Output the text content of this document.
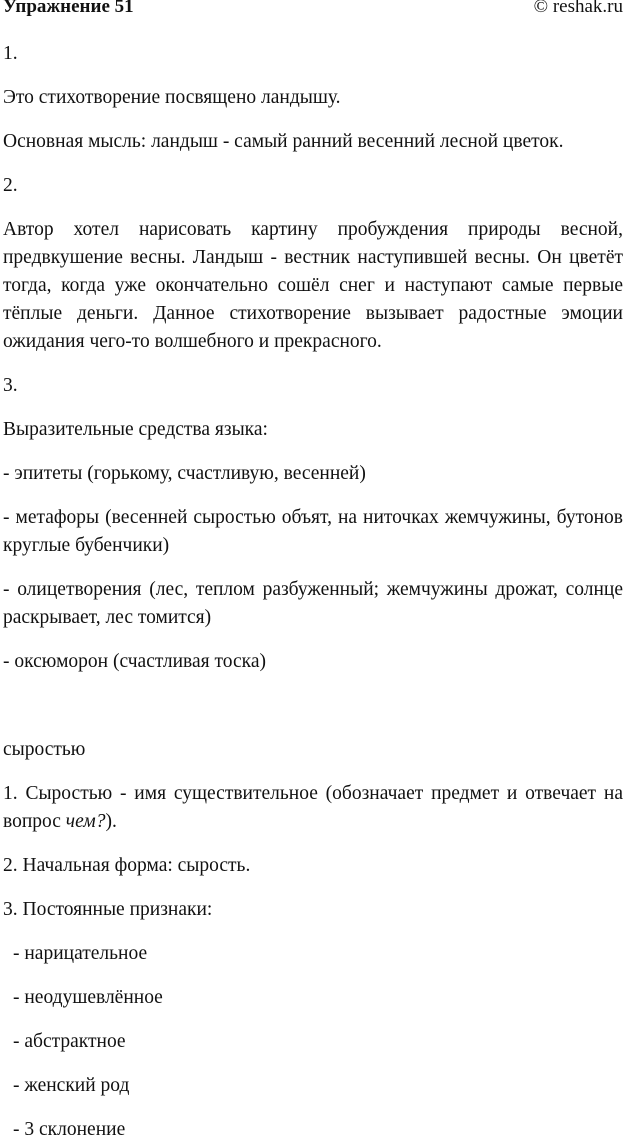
Упражнение 51	© reshak.ru

1.

Это стихотворение посвящено ландышу.

Основная мысль: ландыш - самый ранний весенний лесной цветок.

2.

Автор хотел нарисовать картину пробуждения природы весной, предвкушение весны. Ландыш - вестник наступившей весны. Он цветёт тогда, когда уже окончательно сошёл снег и наступают самые первые тёплые деньги. Данное стихотворение вызывает радостные эмоции ожидания чего-то волшебного и прекрасного.

3.

Выразительные средства языка:

- эпитеты (горькому, счастливую, весенней)

- метафоры (весенней сыростью объят, на ниточках жемчужины, бутонов круглые бубенчики)

- олицетворения (лес, теплом разбуженный; жемчужины дрожат, солнце раскрывает, лес томится)

- оксюморон (счастливая тоска)

сыростью

1. Сыростью - имя существительное (обозначает предмет и отвечает на вопрос чем?).

2. Начальная форма: сырость.

3. Постоянные признаки:

- нарицательное

- неодушевлённое

- абстрактное

- женский род

- 3 склонение
